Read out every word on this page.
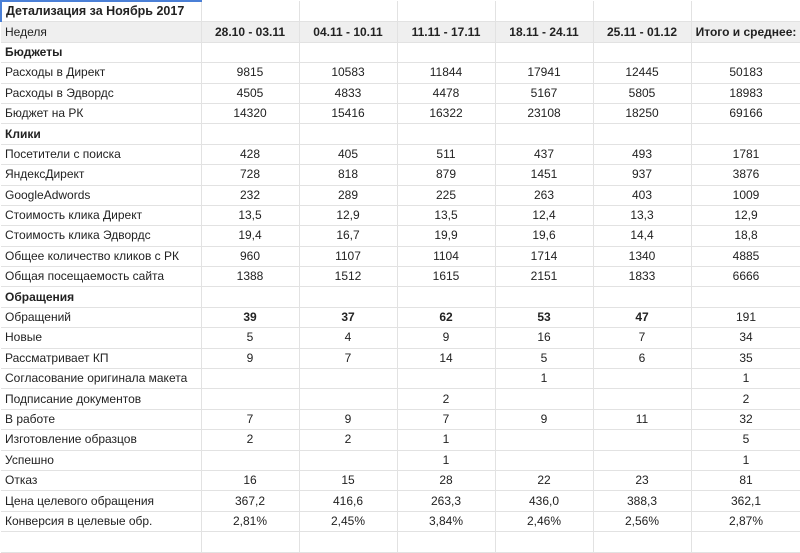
Детализация за Ноябрь 2017						
Неделя	28.10 - 03.11	04.11 - 10.11	11.11 - 17.11	18.11 - 24.11	25.11 - 01.12	Итого и среднее:
Бюджеты						
Расходы в Директ	9815	10583	11844	17941	12445	50183
Расходы в Эдвордс	4505	4833	4478	5167	5805	18983
Бюджет на РК	14320	15416	16322	23108	18250	69166
Клики						
Посетители с поиска	428	405	511	437	493	1781
ЯндексДирект	728	818	879	1451	937	3876
GoogleAdwords	232	289	225	263	403	1009
Стоимость клика Директ	13,5	12,9	13,5	12,4	13,3	12,9
Стоимость клика Эдвордс	19,4	16,7	19,9	19,6	14,4	18,8
Общее количество кликов с РК	960	1107	1104	1714	1340	4885
Общая посещаемость сайта	1388	1512	1615	2151	1833	6666
Обращения						
Обращений	39	37	62	53	47	191
Новые	5	4	9	16	7	34
Рассматривает КП	9	7	14	5	6	35
Согласование оригинала макета				1		1
Подписание документов			2			2
В работе	7	9	7	9	11	32
Изготовление образцов	2	2	1			5
Успешно			1			1
Отказ	16	15	28	22	23	81
Цена целевого обращения	367,2	416,6	263,3	436,0	388,3	362,1
Конверсия в целевые обр.	2,81%	2,45%	3,84%	2,46%	2,56%	2,87%
